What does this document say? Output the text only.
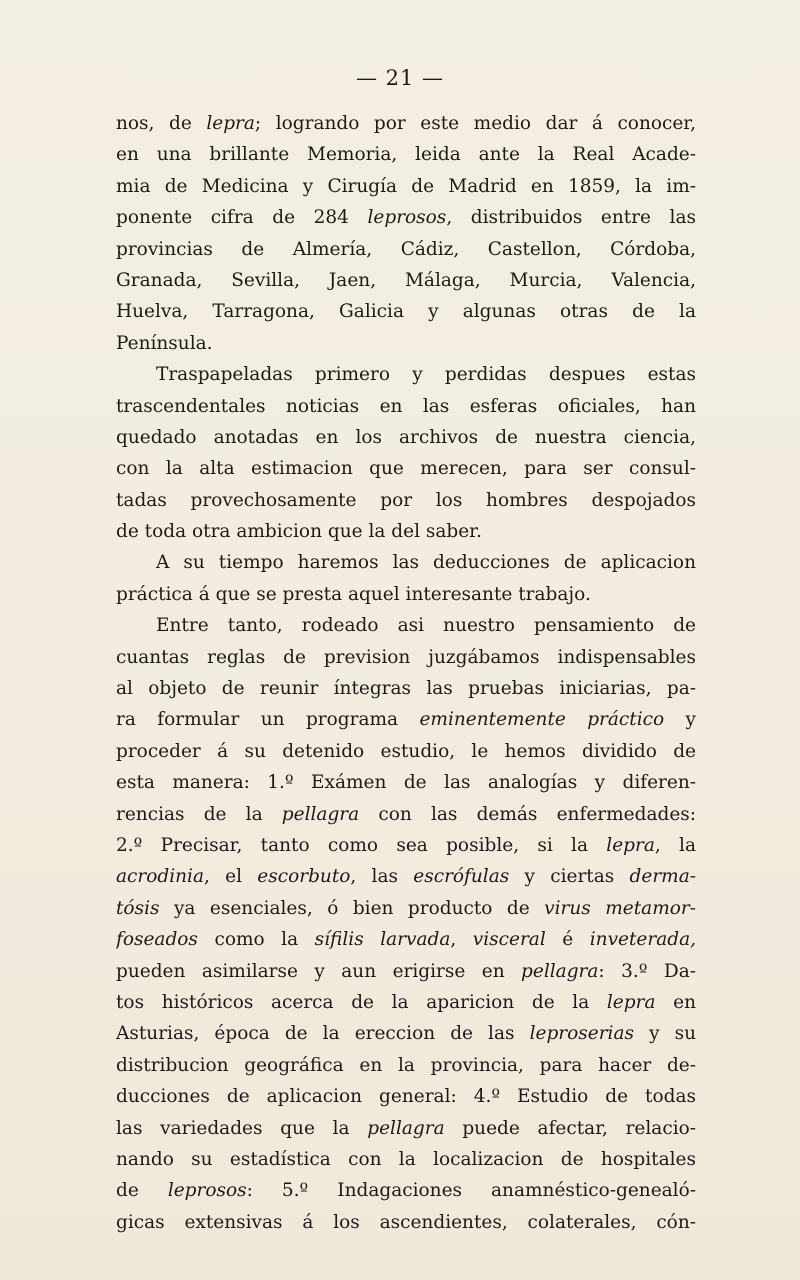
— 21 —
nos, de lepra; logrando por este medio dar á conocer,
en una brillante Memoria, leida ante la Real Acade-
mia de Medicina y Cirugía de Madrid en 1859, la im-
ponente cifra de 284 leprosos, distribuidos entre las
provincias de Almería, Cádiz, Castellon, Córdoba,
Granada, Sevilla, Jaen, Málaga, Murcia, Valencia,
Huelva, Tarragona, Galicia y algunas otras de la
Península.
Traspapeladas primero y perdidas despues estas
trascendentales noticias en las esferas oficiales, han
quedado anotadas en los archivos de nuestra ciencia,
con la alta estimacion que merecen, para ser consul-
tadas provechosamente por los hombres despojados
de toda otra ambicion que la del saber.
A su tiempo haremos las deducciones de aplicacion
práctica á que se presta aquel interesante trabajo.
Entre tanto, rodeado asi nuestro pensamiento de
cuantas reglas de prevision juzgábamos indispensables
al objeto de reunir íntegras las pruebas iniciarias, pa-
ra formular un programa eminentemente práctico y
proceder á su detenido estudio, le hemos dividido de
esta manera: 1.º Exámen de las analogías y diferen-
rencias de la pellagra con las demás enfermedades:
2.º Precisar, tanto como sea posible, si la lepra, la
acrodinia, el escorbuto, las escrófulas y ciertas derma-
tósis ya esenciales, ó bien producto de virus metamor-
foseados como la sífilis larvada, visceral é inveterada,
pueden asimilarse y aun erigirse en pellagra: 3.º Da-
tos históricos acerca de la aparicion de la lepra en
Asturias, época de la ereccion de las leproserias y su
distribucion geográfica en la provincia, para hacer de-
ducciones de aplicacion general: 4.º Estudio de todas
las variedades que la pellagra puede afectar, relacio-
nando su estadística con la localizacion de hospitales
de leprosos: 5.º Indagaciones anamnéstico-genealó-
gicas extensivas á los ascendientes, colaterales, cón-
